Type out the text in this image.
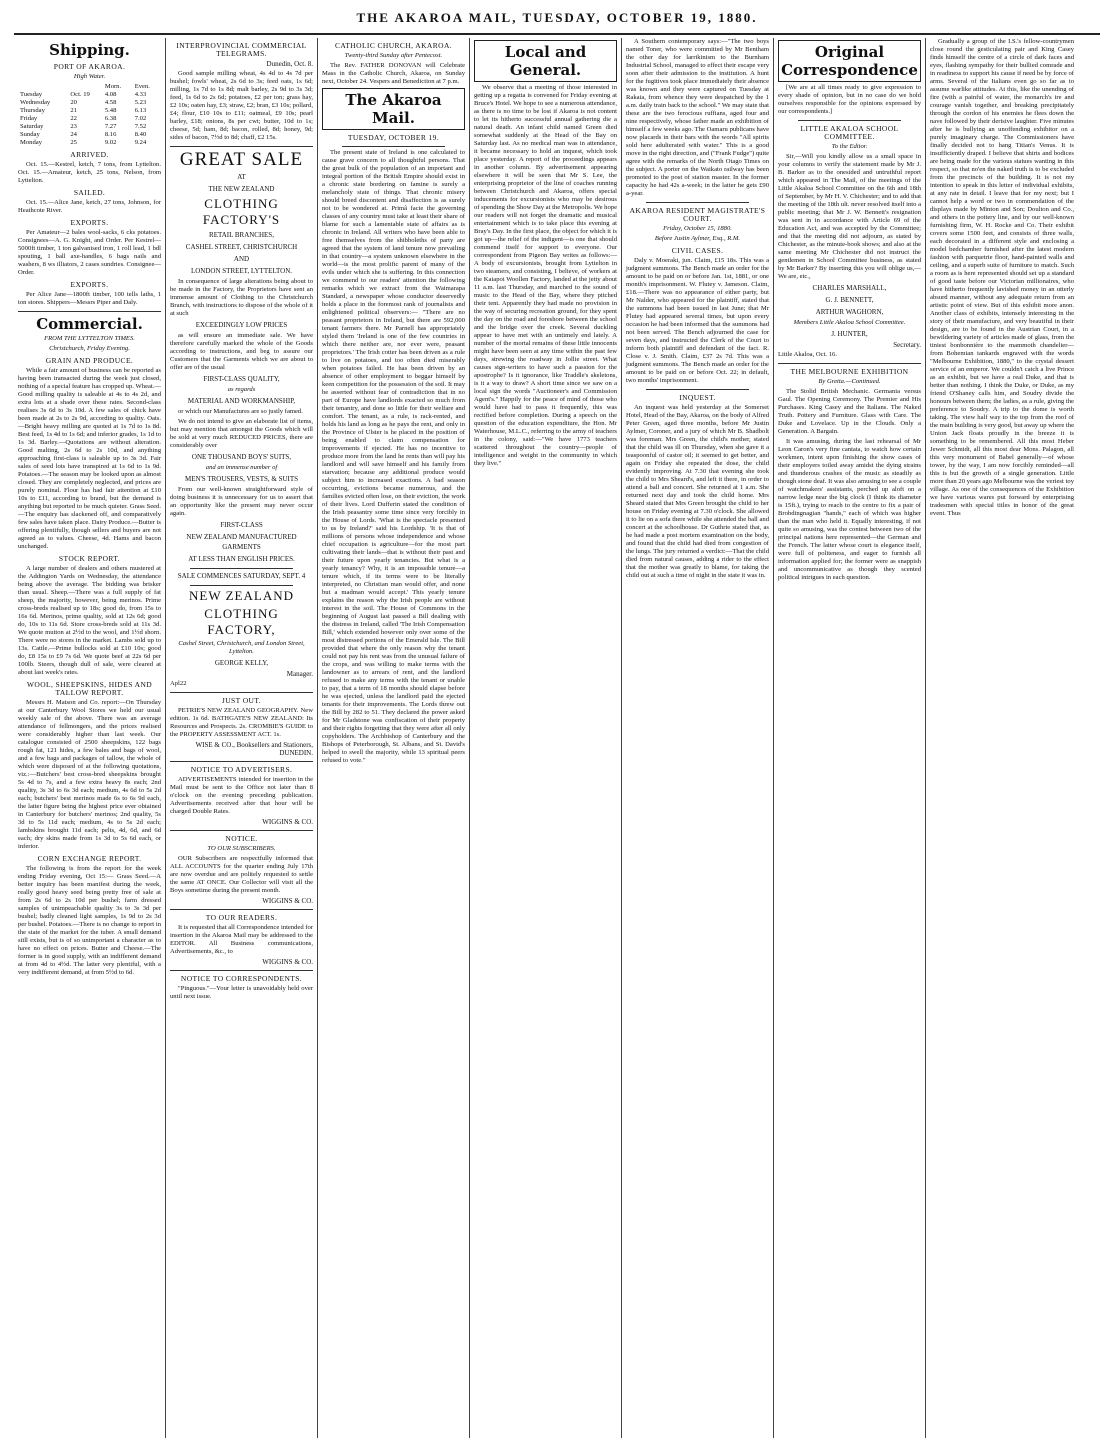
THE AKAROA MAIL, TUESDAY, OCTOBER 19, 1880.
Shipping.
PORT OF AKAROA.
High Water.
		Morn.	Even.
Tuesday	Oct. 19	4.08	4.33
Wednesday	20	4.58	5.23
Thursday	21	5.48	6.13
Friday	22	6.38	7.02
Saturday	23	7.27	7.52
Sunday	24	8.16	8.40
Monday	25	9.02	9.24
ARRIVED.
Oct. 15.—Kestrel, ketch, 7 tons, from Lyttelton. Oct. 15.—Amateur, ketch, 25 tons, Nelson, from Lyttelton.
SAILED.
Oct. 15.—Alice Jane, ketch, 27 tons, Johnson, for Heathcote River.
EXPORTS.
Per Amateur—2 bales wool-sacks, 6 cks potatoes. Consignees—A. G. Knight, and Order. Per Kestrel—5000ft timber, 1 ton galvanised iron, 1 roll lead, 1 bdl spouting, 1 ball axe-handles, 6 bags nails and washers, 8 ws illiators, 2 cases sundries. Consignee—Order.
EXPORTS.
Per Alice Jane—1800ft timber, 100 tells laths, 1 ton stores. Shippers—Messrs Piper and Daly.
Commercial.
FROM THE LYTTELTON TIMES.
Christchurch, Friday Evening.
GRAIN AND PRODUCE.
While a fair amount of business can be reported as having been transacted during the week just closed, nothing of a special feature has cropped up. Wheat.—Good milling quality is saleable at 4s to 4s 2d, and extra lots at a shade over these rates. Second-class realises 3s 6d to 3s 10d. A few sales of chick have been made at 2s to 2s 9d, according to quality. Oats.—Bright heavy milling are quoted at 1s 7d to 1s 8d. Best feed, 1s 4d to 1s 6d; and inferior grades, 1s 1d to 1s 3d. Barley.—Quotations are without alteration. Good malting, 2s 6d to 2s 10d, and anything approaching first-class is saleable up to 3s 3d. Fair sales of seed lots have transpired at 1s 6d to 1s 9d. Potatoes.—The season may be looked upon as almost closed. They are completely neglected, and prices are purely nominal. Flour has had fair attention at £10 10s to £11, according to brand, but the demand is anything but reported to be much quieter. Grass Seed.—The enquiry has slackened off, and comparatively few sales have taken place. Dairy Produce.—Butter is offering plentifully, though sellers and buyers are not agreed as to values. Cheese, 4d. Hams and bacon unchanged.
STOCK REPORT.
A large number of dealers and others mustered at the Addington Yards on Wednesday, the attendance being above the average. The bidding was brisker than usual. Sheep.—There was a full supply of fat sheep, the majority, however, being merinos. Prime cross-breds realised up to 18s; good do, from 15s to 16s 6d. Merinos, prime quality, sold at 12s 6d; good do, 10s to 11s 6d. Store cross-breds sold at 11s 3d. We quote mutton at 2½d to the wool, and 1½d shorn. There were no stores in the market. Lambs sold up to 13s. Cattle.—Prime bullocks sold at £10 10s; good do, £8 15s to £9 7s 6d. We quote beef at 22s 6d per 100lb. Steers, though dull of sale, were cleared at about last week's rates.
WOOL, SHEEPSKINS, HIDES AND TALLOW REPORT.
Messrs H. Matson and Co. report:—On Thursday at our Canterbury Wool Stores we held our usual weekly sale of the above. There was an average attendance of fellmongers, and the prices realised were considerably higher than last week. Our catalogue consisted of 2500 sheepskins, 122 bags rough fat, 121 hides, a few bales and bags of wool, and a few bags and packages of tallow, the whole of which were disposed of at the following quotations, viz.:—Butchers' best cross-bred sheepskins brought 5s 4d to 7s, and a few extra heavy 8s each; 2nd quality, 3s 3d to 6s 3d each; medium, 4s 6d to 5s 2d each; butchers' best merinos made 6s to 6s 9d each, the latter figure being the highest price ever obtained in Canterbury for butchers' merinos; 2nd quality, 5s 3d to 5s 11d each; medium, 4s to 5s 2d each; lambskins brought 11d each; pelts, 4d, 6d, and 6d each; dry skins made from 1s 3d to 5s 6d each, or inferior.
CORN EXCHANGE REPORT.
The following is from the report for the week ending Friday evening, Oct 15:— Grass Seed.—A better inquiry has been manifest during the week, really good heavy seed being pretty free of sale at from 2s 6d to 2s 10d per bushel; farm dressed samples of unimpeachable quality 3s to 3s 3d per bushel; badly cleaned light samples, 1s 9d to 2s 3d per bushel. Potatoes.—There is no change to report in the state of the market for the tuber. A small demand still exists, but is of so unimportant a character as to have no effect on prices. Butter and Cheese.—The former is in good supply, with an indifferent demand at from 4d to 4½d. The latter very plentiful, with a very indifferent demand, at from 5½d to 6d.
INTERPROVINCIAL COMMERCIAL TELEGRAMS.
Dunedin, Oct. 8.
Good sample milling wheat, 4s 4d to 4s 7d per bushel; fowls' wheat, 2s 6d to 3s; feed oats, 1s 6d; milling, 1s 7d to 1s 8d; malt barley, 2s 9d to 3s 3d; feed, 1s 6d to 2s 6d; potatoes, £2 per ton; grass hay, £2 10s; oaten hay, £3; straw, £2; bran, £3 10s; pollard, £4; flour, £10 10s to £11; oatmeal, £9 10s; pearl barley, £18; onions, 8s per cwt; butter, 10d to 1s; cheese, 5d; ham, 8d; bacon, rolled, 8d; honey, 9d; sides of bacon, 7½d to 8d; chaff, £2 15s.
GREAT SALE
AT
THE NEW ZEALAND
CLOTHING FACTORY'S
RETAIL BRANCHES,
CASHEL STREET, CHRISTCHURCH
AND
LONDON STREET, LYTTELTON.
In consequence of large alterations being about to be made in the Factory, the Proprietors have sent an immense amount of Clothing to the Christchurch Branch, with instructions to dispose of the whole of it at such
EXCEEDINGLY LOW PRICES
as will ensure an immediate sale. We have therefore carefully marked the whole of the Goods according to instructions, and beg to assure our Customers that the Garments which we are about to offer are of the usual
FIRST-CLASS QUALITY,
as regards
MATERIAL AND WORKMANSHIP,
or which our Manufactures are so justly famed.
We do not intend to give an elaborate list of items, but may mention that amongst the Goods which will be sold at very much REDUCED PRICES, there are considerably over
ONE THOUSAND BOYS' SUITS,
and an immense number of
MEN'S TROUSERS, VESTS, & SUITS
From our well-known straightforward style of doing business it is unnecessary for us to assert that an opportunity like the present may never occur again.
FIRST-CLASS
NEW ZEALAND MANUFACTURED GARMENTS
AT LESS THAN ENGLISH PRICES.
SALE COMMENCES SATURDAY, SEPT. 4
NEW ZEALAND
CLOTHING FACTORY,
Cashel Street, Christchurch, and London Street, Lyttelton.
GEORGE KELLY,
Manager.
Apl22
JUST OUT.
PETRIE'S NEW ZEALAND GEOGRAPHY. New edition. 1s 6d. BATHGATE'S NEW ZEALAND: Its Resources and Prospects. 2s. CROMBIE'S GUIDE to the PROPERTY ASSESSMENT ACT. 1s.
WISE & CO., Booksellers and Stationers, DUNEDIN.
NOTICE TO ADVERTISERS.
ADVERTISEMENTS intended for insertion in the Mail must be sent to the Office not later than 8 o'clock on the evening preceding publication. Advertisements received after that hour will be charged Double Rates.
WIGGINS & CO.
NOTICE.
TO OUR SUBSCRIBERS.
OUR Subscribers are respectfully informed that ALL ACCOUNTS for the quarter ending July 17th are now overdue and are politely requested to settle the same AT ONCE. Our Collector will visit all the Boys sometime during the present month.
WIGGINS & CO.
TO OUR READERS.
It is requested that all Correspondence intended for insertion in the Akaroa Mail may be addressed to the EDITOR. All Business communications, Advertisements, &c., to
WIGGINS & CO.
NOTICE TO CORRESPONDENTS.
"Pinguous."—Your letter is unavoidably held over until next issue.
CATHOLIC CHURCH, AKAROA.
Twenty-third Sunday after Pentecost.
The Rev. FATHER DONOVAN will Celebrate Mass in the Catholic Church, Akaroa, on Sunday next, October 24. Vespers and Benediction at 7 p.m.
The Akaroa Mail.
TUESDAY, OCTOBER 19.
The present state of Ireland is one calculated to cause grave concern to all thoughtful persons. That the great bulk of the population of an important and integral portion of the British Empire should exist in a chronic state bordering on famine is surely a melancholy state of things. That chronic misery should breed discontent and disaffection is as surely not to be wondered at. Primâ facie the governing classes of any country must take at least their share of blame for such a lamentable state of affairs as is chronic in Ireland. All writers who have been able to free themselves from the shibboleths of party are agreed that the system of land tenure now prevailing in that country—a system unknown elsewhere in the world—is the most prolific parent of many of the evils under which she is suffering. In this connection we commend to our readers' attention the following remarks which we extract from the Waimarapa Standard, a newspaper whose conductor deservedly holds a place in the foremost rank of journalists and enlightened political observers:— "There are no peasant proprietors in Ireland, but there are 592,000 tenant farmers there. Mr Parnell has appropriately styled them 'Ireland is one of the few countries in which there neither are, nor ever were, peasant proprietors.' The Irish cotter has been driven as a rule to live on potatoes, and too often died miserably when potatoes failed. He has been driven by an absence of other employment to beggar himself by keen competition for the possession of the soil. It may be asserted without fear of contradiction that in no part of Europe have landlords exacted so much from their tenantry, and done so little for their welfare and comfort. The tenant, as a rule, is rack-rented, and holds his land as long as he pays the rent, and only in the Province of Ulster is he placed in the position of being enabled to claim compensation for improvements if ejected. He has no incentive to produce more from the land he rents than will pay his landlord and will save himself and his family from starvation; because any additional produce would subject him to increased exactions. A bad season occurring, evictions became numerous, and the families evicted often lose, on their eviction, the work of their lives. Lord Dufferin stated the condition of the Irish peasantry some time since very forcibly in the House of Lords. 'What is the spectacle presented to us by Ireland?' said his Lordship. 'It is that of millions of persons whose independence and whose chief occupation is agriculture—for the most part cultivating their lands—that is without their past and their future upon yearly tenancies. But what is a yearly tenancy? Why, it is an impossible tenure—a tenure which, if its terms were to be literally interpreted, no Christian man would offer, and none but a madman would accept.' This yearly tenure explains the reason why the Irish people are without interest in the soil. The House of Commons in the beginning of August last passed a Bill dealing with the distress in Ireland, called 'The Irish Compensation Bill,' which extended however only over some of the most distressed portions of the Emerald Isle. The Bill provided that where the only reason why the tenant could not pay his rent was from the unusual failure of the crops, and was willing to make terms with the landowner as to arrears of rent, and the landlord refused to make any terms with the tenant or unable to pay, that a term of 18 months should elapse before he was ejected, unless the landlord paid the ejected tenants for their improvements. The Lords threw out the Bill by 282 to 51. They declared the power asked for Mr Gladstone was confiscation of their property and their rights forgetting that they were after all only copyholders. The Archbishop of Canterbury and the Bishops of Peterborough, St. Albans, and St. David's helped to swell the majority, while 13 spiritual peers refused to vote."
Local and General.
We observe that a meeting of those interested in getting up a regatta is convened for Friday evening at Bruce's Hotel. We hope to see a numerous attendance, as there is no time to be lost if Akaroa is not content to let its hitherto successful annual gathering die a natural death. An infant child named Green died somewhat suddenly at the Head of the Bay on Saturday last. As no medical man was in attendance, it became necessary to hold an inquest, which took place yesterday. A report of the proceedings appears in another column. By advertisement appearing elsewhere it will be seen that Mr S. Lee, the enterprising proprietor of the line of coaches running between Christchurch and Akaroa, offers special inducements for excursionists who may be desirous of spending the Show Day at the Metropolis. We hope our readers will not forget the dramatic and musical entertainment which is to take place this evening at Bray's Day. In the first place, the object for which it is got up—the relief of the indigent—is one that should commend itself for support to everyone. Our correspondent from Pigeon Bay writes as follows:—A body of excursionists, brought from Lyttelton in two steamers, and consisting, I believe, of workers at the Kaiapoi Woollen Factory, landed at the jetty about 11 a.m. last Thursday, and marched to the sound of music to the Head of the Bay, where they pitched their tent. Apparently they had made no provision in the way of securing recreation ground, for they spent the day on the road and foreshore between the school and the bridge over the creek. Several duckling appear to have met with an untimely end lately. A number of the mortal remains of these little innocents might have been seen at any time within the past few days, strewing the roadway in Jollie street. What causes sign-writers to have such a passion for the apostrophe? Is it ignorance, like Traddle's skeletons, is it a way to draw? A short time since we saw on a local sign the words "Auctioneer's and Commission Agent's." Happily for the peace of mind of those who would have had to pass it frequently, this was rectified before completion. During a speech on the question of the education expenditure, the Hon. Mr Waterhouse, M.L.C., referring to the army of teachers in the colony, said:—"We have 1773 teachers scattered throughout the country—people of intelligence and weight in the community in which they live."
A Southern contemporary says:—"The two boys named Toner, who were committed by Mr Bentham the other day for larrikinism to the Burnham Industrial School, managed to effect their escape very soon after their admission to the institution. A hunt for the fugitives took place immediately their absence was known and they were captured on Tuesday at Rakaia, from whence they were despatched by the 1 a.m. daily train back to the school." We may state that these are the two ferocious ruffians, aged four and nine respectively, whose father made an exhibition of himself a few weeks ago. The Oamaru publicans have now placards in their bars with the words "All spirits sold here adulterated with water." This is a good move in the right direction, and ("Frank Fudge") quite agree with the remarks of the North Otago Times on the subject. A porter on the Waikato railway has been promoted to the post of station master. In the former capacity he had 42s a-week; in the latter he gets £90 a-year.
AKAROA RESIDENT MAGISTRATE'S COURT.
Friday, October 15, 1880.
Before Justin Aylmer, Esq., R.M.
CIVIL CASES.
Daly v. Moeraki, jun. Claim, £15 18s. This was a judgment summons. The Bench made an order for the amount to be paid on or before Jan. 1st, 1881, or one month's imprisonment. W. Flutey v. Jameson. Claim, £18.—There was no appearance of either party, but Mr Nalder, who appeared for the plaintiff, stated that the summons had been issued in last June; that Mr Flutey had appeared several times, but upon every occasion he had been informed that the summons had not been served. The Bench adjourned the case for seven days, and instructed the Clerk of the Court to inform both plaintiff and defendant of the fact. R. Close v. J. Smith. Claim, £37 2s 7d. This was a judgment summons. The Bench made an order for the amount to be paid on or before Oct. 22; in default, two months' imprisonment.
INQUEST.
An inquest was held yesterday at the Somerset Hotel, Head of the Bay, Akaroa, on the body of Alfred Peter Green, aged three months, before Mr Justin Aylmer, Coroner, and a jury of which Mr B. Shadbolt was foreman. Mrs Green, the child's mother, stated that the child was ill on Thursday, when she gave it a teaspoonful of castor oil; it seemed to get better, and again on Friday she repeated the dose, the child evidently improving. At 7.30 that evening she took the child to Mrs Sheard's, and left it there, in order to attend a ball and concert. She returned at 1 a.m. She returned next day and took the child home. Mrs Sheard stated that Mrs Green brought the child to her house on Friday evening at 7.30 o'clock. She allowed it to lie on a sofa there while she attended the ball and concert at the schoolhouse. Dr Guthrie stated that, as he had made a post mortem examination on the body, and found that the child had died from congestion of the lungs. The jury returned a verdict:—That the child died from natural causes, adding a rider to the effect that the mother was greatly to blame, for taking the child out at such a time of night in the state it was in.
Original Correspondence
[We are at all times ready to give expression to every shade of opinion, but in no case do we hold ourselves responsible for the opinions expressed by our correspondents.]
LITTLE AKALOA SCHOOL COMMITTEE.
To the Editor.
Sir,—Will you kindly allow us a small space in your columns to verify the statement made by Mr J. B. Barker as to the onesided and untruthful report which appeared in The Mail, of the meetings of the Little Akaloa School Committee on the 6th and 18th of September, by Mr H. V. Chichester; and to add that the meeting of the 18th ult. never resolved itself into a public meeting; that Mr J. W. Bennett's resignation was sent in in accordance with Article 69 of the Education Act, and was accepted by the Committee; and that the meeting did not adjourn, as stated by Chichester, as the minute-book shows; and also at the same meeting Mr Chichester did not instruct the gentlemen in School Committee business, as stated by Mr Barker? By inserting this you will oblige us,—We are, etc.,
CHARLES MARSHALL,
G. J. BENNETT,
ARTHUR WAGHORN,
Members Little Akaloa School Committee.
J. HUNTER,
Secretary.
Little Akaloa, Oct. 16.
THE MELBOURNE EXHIBITION
By Gretta.—Continued.
The Stolid British Mechanic. Germania versus Gaul. The Opening Ceremony. The Premier and His Purchases. King Casey and the Italians. The Naked Truth. Pottery and Furniture. Glass with Care. The Duke and Lovelace. Up in the Clouds. Only a Generation. A Bargain.
It was amusing, during the last rehearsal of Mr Leon Caron's very fine cantata, to watch how certain workmen, intent upon finishing the show cases of their employers toiled away amidst the dying strains and thunderous crashes of the music as steadily as though stone deaf. It was also amusing to see a couple of watchmakers' assistants, perched up aloft on a narrow ledge near the big clock (I think its diameter is 15ft.), trying to reach to the centre to fix a pair of Brobdingnagian "hands," each of which was higher than the man who held it. Equally interesting, if not quite so amusing, was the contest between two of the principal nations here represented—the German and the French. The latter whose court is elegance itself, were full of politeness, and eager to furnish all information applied for; the former were as snappish and uncommunicative as though they scented political intrigues in each question.
Gradually a group of the I.S.'s fellow-countrymen close round the gesticulating pair and King Casey finds himself the centre of a circle of dark faces and eyes, flashing sympathy for their bullied comrade and in readiness to support his cause if need be by force of arms. Several of the Italians even go so far as to assume warlike attitudes. At this, like the unending of fire (with a painful of water, the monarch's ire and courage vanish together, and breaking precipitately through the cordon of his enemies he flees down the nave followed by their derisive laughter. Five minutes after he is bullying an unoffending exhibitor on a purely imaginary charge. The Commissioners have finally decided not to hang Titian's Venus. It is insufficiently draped. I believe that shirts and bodices are being made for the various statues wanting in this respect, so that no'en the naked truth is to be excluded from the precincts of the building. It is not my intention to speak in this letter of individual exhibits, at any rate in detail. I leave that for my next; but I cannot help a word or two in commendation of the displays made by Minton and Son; Doulton and Co., and others in the pottery line, and by our well-known furnishing firm, W. H. Rocke and Co. Their exhibit covers some 1500 feet, and consists of three walls, each decorated in a different style and enclosing a model bedchamber furnished after the latest modern fashion with parquetrie floor, hand-painted walls and ceiling, and a superb suite of furniture to match. Such a room as is here represented should set up a standard of good taste before our Victorian millionaires, who have hitherto frequently lavished money in an utterly absurd manner, without any adequate return from an artistic point of view. But of this exhibit more anon. Another class of exhibits, intensely interesting in the story of their manufacture, and very beautiful in their design, are to be found in the Austrian Court, in a bewildering variety of articles made of glass, from the tiniest bonbonnière to the mammoth chandelier—from Bohemian tankards engraved with the words "Melbourne Exhibition, 1880," to the crystal dessert service of an emperor. We couldn't catch a live Prince as an exhibit, but we have a real Duke, and that is better than nothing. I think the Duke, or Duke, as my friend O'Shaney calls him, and Soudry divide the honours between them; the ladies, as a rule, giving the preference to Soudry. A trip to the dome is worth taking. The view half way to the top from the roof of the main building is very good, but away up where the Union Jack floats proudly in the breeze it is something to be remembered. All this most Heber Jewer Schmidt, all this most dear Mons. Palagon, all this very monument of Babel generally—of whose tower, by the way, I am now forcibly reminded—all this is but the growth of a single generation. Little more than 20 years ago Melbourne was the veriest toy village. As one of the consequences of the Exhibition we have various wares put forward by enterprising tradesmen with special titles in honor of the great event. Thus
